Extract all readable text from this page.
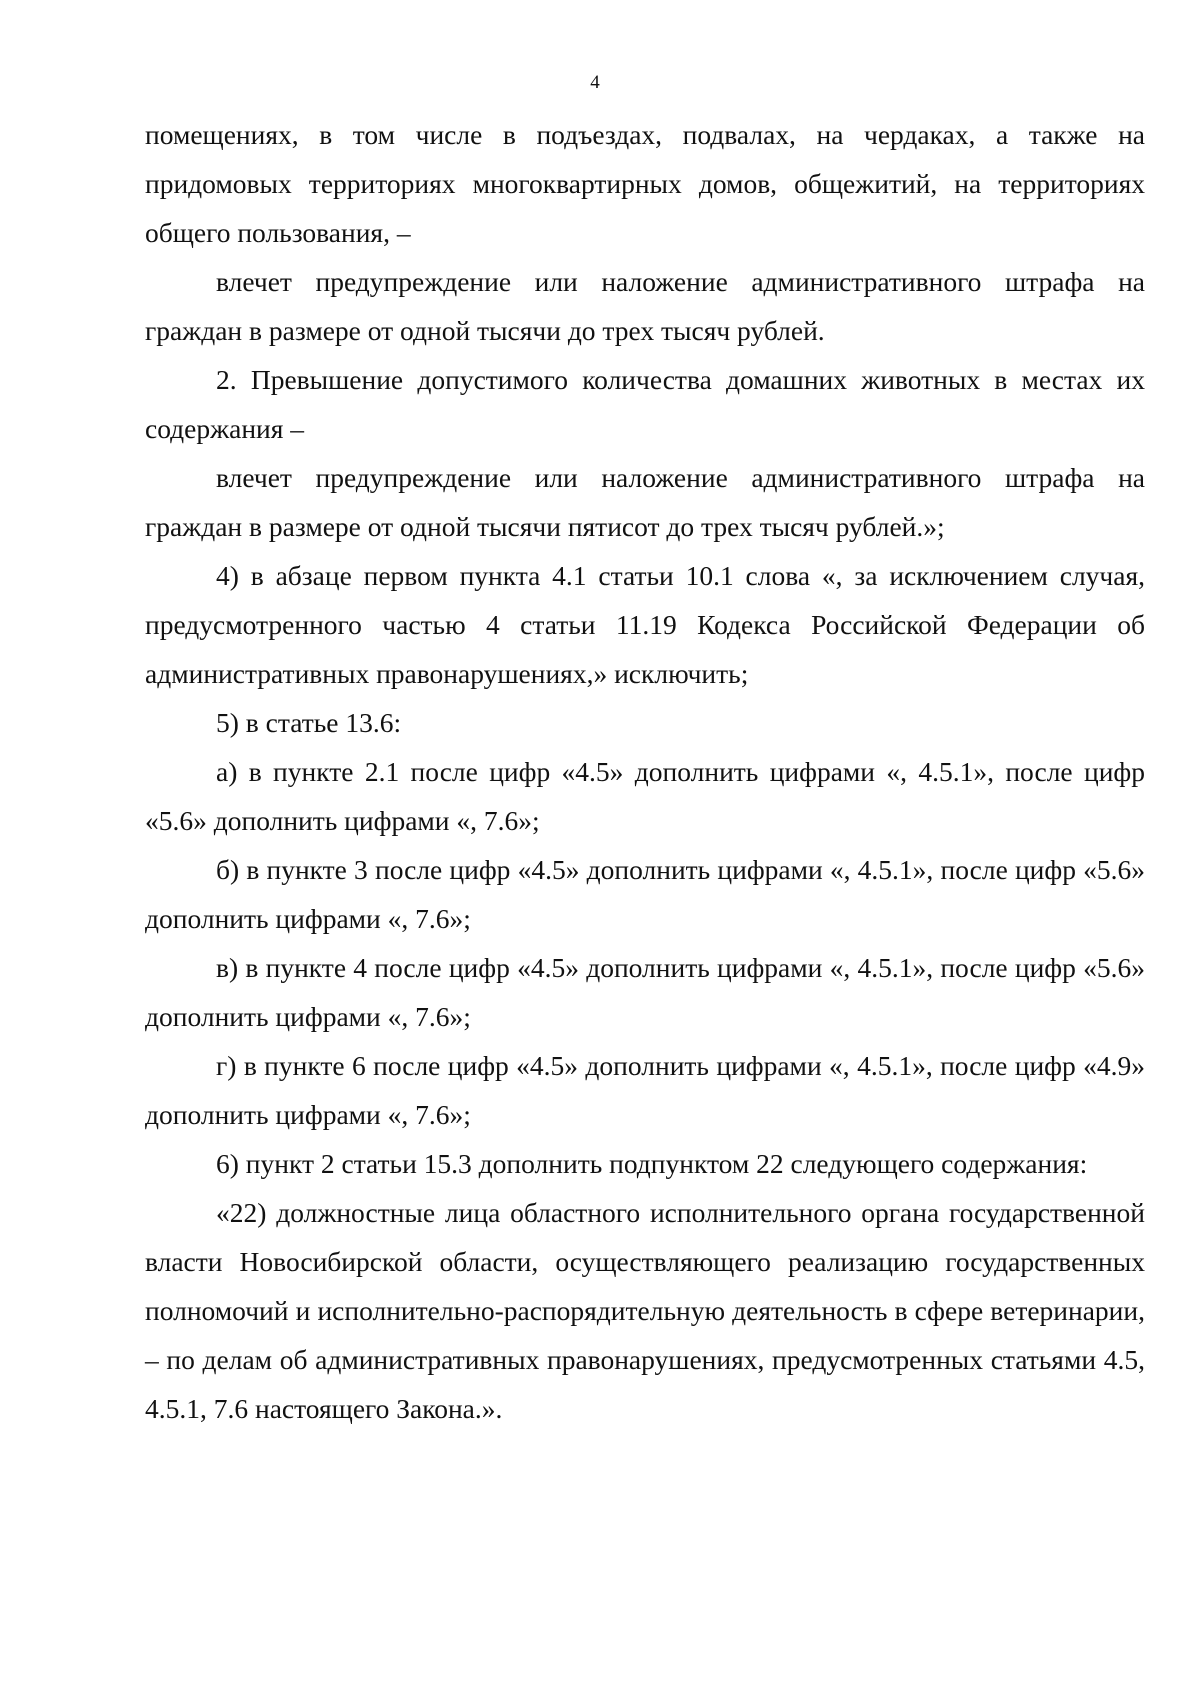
4

помещениях, в том числе в подъездах, подвалах, на чердаках, а также на придомовых территориях многоквартирных домов, общежитий, на территориях общего пользования, –

влечет предупреждение или наложение административного штрафа на граждан в размере от одной тысячи до трех тысяч рублей.

2. Превышение допустимого количества домашних животных в местах их содержания –

влечет предупреждение или наложение административного штрафа на граждан в размере от одной тысячи пятисот до трех тысяч рублей.»;

4) в абзаце первом пункта 4.1 статьи 10.1 слова «, за исключением случая, предусмотренного частью 4 статьи 11.19 Кодекса Российской Федерации об административных правонарушениях,» исключить;

5) в статье 13.6:

а) в пункте 2.1 после цифр «4.5» дополнить цифрами «, 4.5.1», после цифр «5.6» дополнить цифрами «, 7.6»;

б) в пункте 3 после цифр «4.5» дополнить цифрами «, 4.5.1», после цифр «5.6» дополнить цифрами «, 7.6»;

в) в пункте 4 после цифр «4.5» дополнить цифрами «, 4.5.1», после цифр «5.6» дополнить цифрами «, 7.6»;

г) в пункте 6 после цифр «4.5» дополнить цифрами «, 4.5.1», после цифр «4.9» дополнить цифрами «, 7.6»;

6) пункт 2 статьи 15.3 дополнить подпунктом 22 следующего содержания:

«22) должностные лица областного исполнительного органа государственной власти Новосибирской области, осуществляющего реализацию государственных полномочий и исполнительно-распорядительную деятельность в сфере ветеринарии, – по делам об административных правонарушениях, предусмотренных статьями 4.5, 4.5.1, 7.6 настоящего Закона.».
